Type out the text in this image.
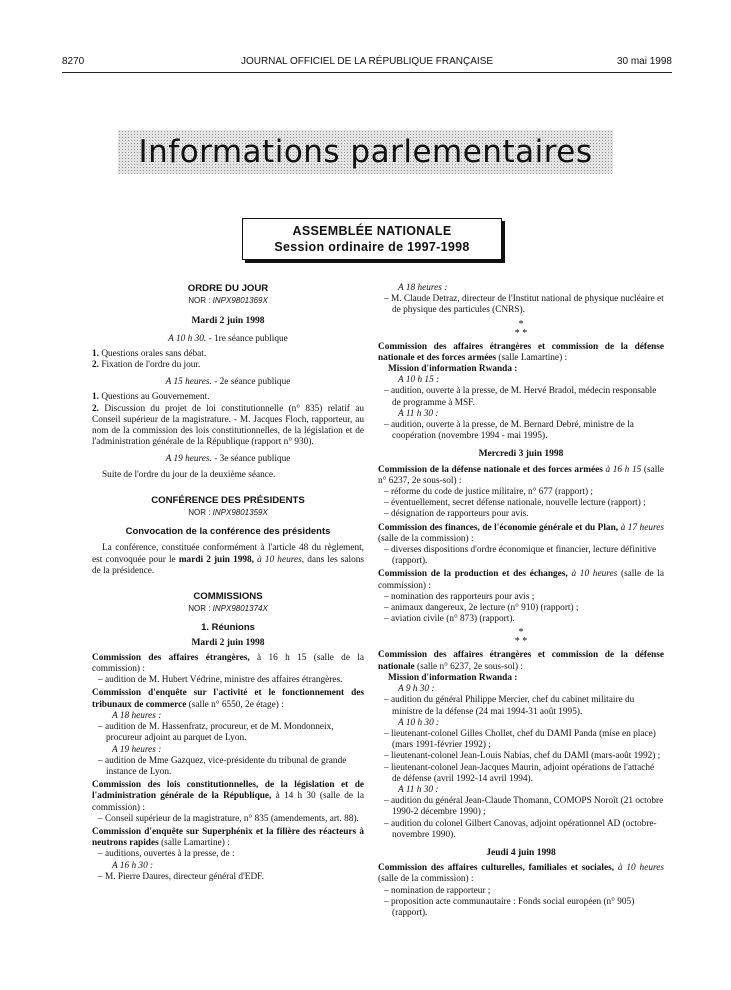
8270	JOURNAL OFFICIEL DE LA RÉPUBLIQUE FRANÇAISE	30 mai 1998
Informations parlementaires
ASSEMBLÉE NATIONALE
Session ordinaire de 1997-1998
ORDRE DU JOUR
NOR : INPX9801369X
Mardi 2 juin 1998
A 10 h 30. - 1re séance publique
1. Questions orales sans débat.
2. Fixation de l'ordre du jour.
A 15 heures. - 2e séance publique
1. Questions au Gouvernement.

2. Discussion du projet de loi constitutionnelle (n° 835) relatif au Conseil supérieur de la magistrature. - M. Jacques Floch, rapporteur, au nom de la commission des lois constitutionnelles, de la législation et de l'administration générale de la République (rapport n° 930).

A 19 heures. - 3e séance publique

Suite de l'ordre du jour de la deuxième séance.

CONFÉRENCE DES PRÉSIDENTS
NOR : INPX9801359X
Convocation de la conférence des présidents

La conférence, constituée conformément à l'article 48 du règlement, est convoquée pour le mardi 2 juin 1998, à 10 heures, dans les salons de la présidence.

COMMISSIONS
NOR : INPX9801374X
1. Réunions
Mardi 2 juin 1998

Commission des affaires étrangères, à 16 h 15 (salle de la commission) :

– audition de M. Hubert Védrine, ministre des affaires étrangères.

Commission d'enquête sur l'activité et le fonctionnement des tribunaux de commerce (salle n° 6550, 2e étage) :

A 18 heures :
– audition de M. Hassenfratz, procureur, et de M. Mondonneix, procureur adjoint au parquet de Lyon.
A 19 heures :
– audition de Mme Gazquez, vice-présidente du tribunal de grande instance de Lyon.

Commission des lois constitutionnelles, de la législation et de l'administration générale de la République, à 14 h 30 (salle de la commission) :

– Conseil supérieur de la magistrature, n° 835 (amendements, art. 88).

Commission d'enquête sur Superphénix et la filière des réacteurs à neutrons rapides (salle Lamartine) :

– auditions, ouvertes à la presse, de :
A 16 h 30 :
– M. Pierre Daures, directeur général d'EDF.
A 18 heures :
– M. Claude Detraz, directeur de l'Institut national de physique nucléaire et de physique des particules (CNRS).
*
* *

Commission des affaires étrangères et commission de la défense nationale et des forces armées (salle Lamartine) :

Mission d'information Rwanda :
A 10 h 15 :
– audition, ouverte à la presse, de M. Hervé Bradol, médecin responsable de programme à MSF.
A 11 h 30 :
– audition, ouverte à la presse, de M. Bernard Debré, ministre de la coopération (novembre 1994 - mai 1995).
Mercredi 3 juin 1998

Commission de la défense nationale et des forces armées à 16 h 15 (salle n° 6237, 2e sous-sol) :

– réforme du code de justice militaire, n° 677 (rapport) ;
– éventuellement, secret défense nationale, nouvelle lecture (rapport) ;
– désignation de rapporteurs pour avis.

Commission des finances, de l'économie générale et du Plan, à 17 heures (salle de la commission) :

– diverses dispositions d'ordre économique et financier, lecture définitive (rapport).

Commission de la production et des échanges, à 10 heures (salle de la commission) :

– nomination des rapporteurs pour avis ;
– animaux dangereux, 2e lecture (n° 910) (rapport) ;
– aviation civile (n° 873) (rapport).
*
* *

Commission des affaires étrangères et commission de la défense nationale (salle n° 6237, 2e sous-sol) :

Mission d'information Rwanda :
A 9 h 30 :
– audition du général Philippe Mercier, chef du cabinet militaire du ministre de la défense (24 mai 1994-31 août 1995).
A 10 h 30 :
– lieutenant-colonel Gilles Chollet, chef du DAMI Panda (mise en place) (mars 1991-février 1992) ;
– lieutenant-colonel Jean-Louis Nabias, chef du DAMI (mars-août 1992) ;
– lieutenant-colonel Jean-Jacques Maurin, adjoint opérations de l'attaché de défense (avril 1992-14 avril 1994).
A 11 h 30 :
– audition du général Jean-Claude Thomann, COMOPS Noroît (21 octobre 1990-2 décembre 1990) ;
– audition du colonel Gilbert Canovas, adjoint opérationnel AD (octobre-novembre 1990).
Jeudi 4 juin 1998

Commission des affaires culturelles, familiales et sociales, à 10 heures (salle de la commission) :

– nomination de rapporteur ;
– proposition acte communautaire : Fonds social européen (n° 905) (rapport).
